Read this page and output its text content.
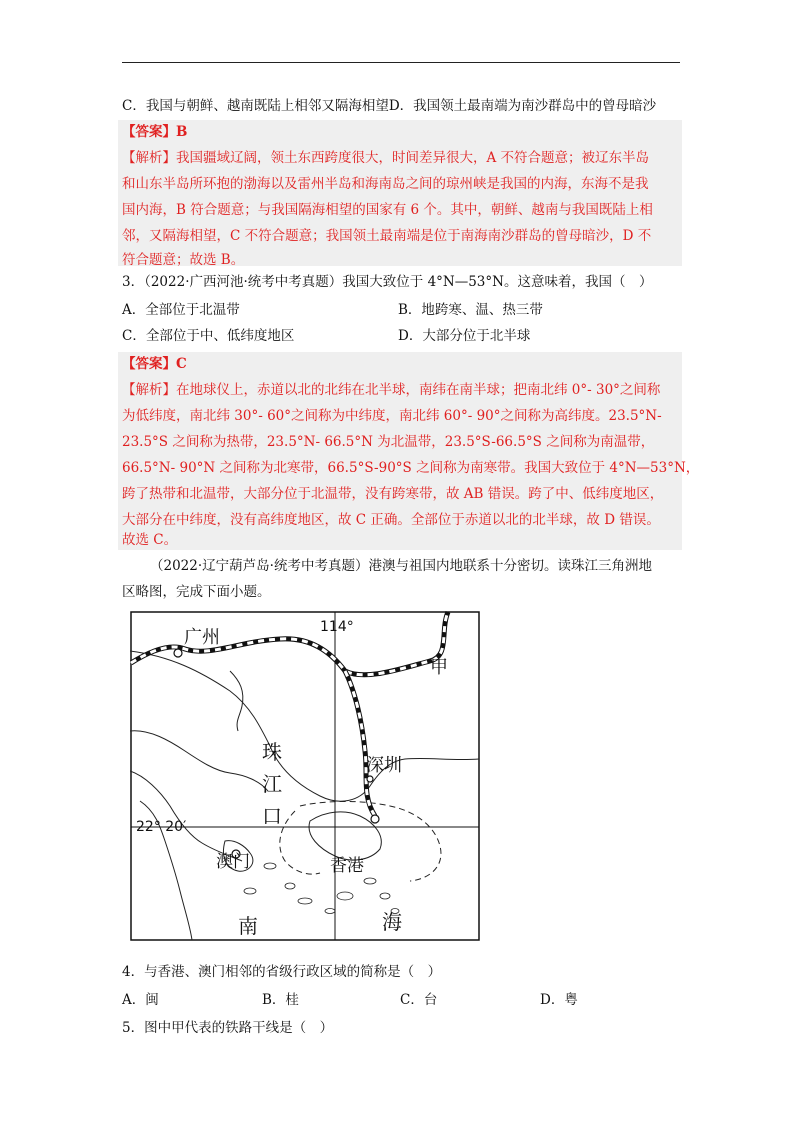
C．我国与朝鲜、越南既陆上相邻又隔海相望D．我国领土最南端为南沙群岛中的曾母暗沙
【答案】B
【解析】我国疆域辽阔，领土东西跨度很大，时间差异很大，A 不符合题意；被辽东半岛
和山东半岛所环抱的渤海以及雷州半岛和海南岛之间的琼州峡是我国的内海，东海不是我
国内海，B 符合题意；与我国隔海相望的国家有 6 个。其中，朝鲜、越南与我国既陆上相
邻，又隔海相望，C 不符合题意；我国领土最南端是位于南海南沙群岛的曾母暗沙，D 不
符合题意；故选 B。
3．（2022·广西河池·统考中考真题）我国大致位于 4°N—53°N。这意味着，我国（　）
A．全部位于北温带	B．地跨寒、温、热三带
C．全部位于中、低纬度地区	D．大部分位于北半球
【答案】C
【解析】在地球仪上，赤道以北的北纬在北半球，南纬在南半球；把南北纬 0°- 30°之间称
为低纬度，南北纬 30°- 60°之间称为中纬度，南北纬 60°- 90°之间称为高纬度。23.5°N-
23.5°S 之间称为热带，23.5°N- 66.5°N 为北温带，23.5°S-66.5°S 之间称为南温带，
66.5°N- 90°N 之间称为北寒带，66.5°S-90°S 之间称为南寒带。我国大致位于 4°N—53°N，
跨了热带和北温带，大部分位于北温带，没有跨寒带，故 AB 错误。跨了中、低纬度地区，
大部分在中纬度，没有高纬度地区，故 C 正确。全部位于赤道以北的北半球，故 D 错误。
故选 C。
（2022·辽宁葫芦岛·统考中考真题）港澳与祖国内地联系十分密切。读珠江三角洲地
区略图，完成下面小题。
广州	114°
甲
珠
江
口
深圳
22° 20′
澳门	香港
南	海
4．与香港、澳门相邻的省级行政区域的简称是（　）
A．闽	B．桂	C．台	D．粤
5．图中甲代表的铁路干线是（　）
